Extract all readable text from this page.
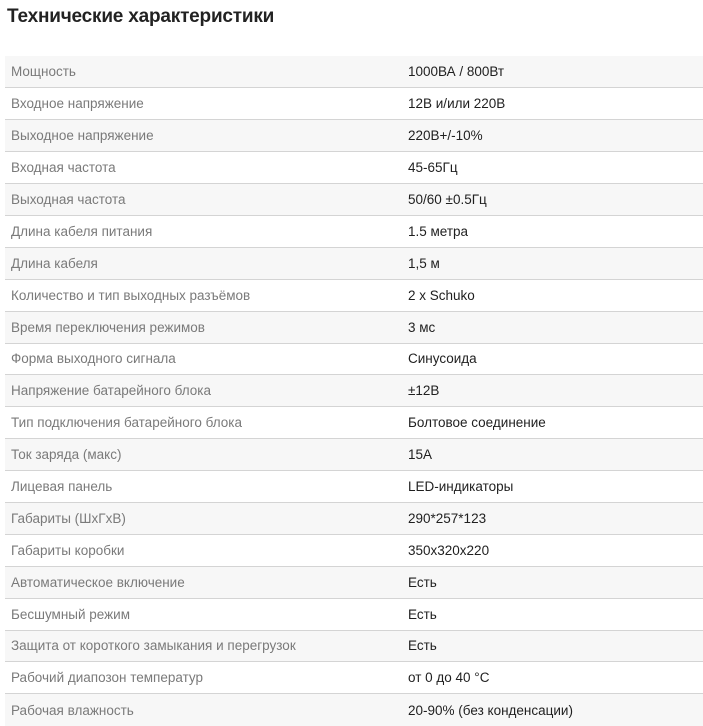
Технические характеристики
Мощность	1000ВА / 800Вт
Входное напряжение	12В и/или 220В
Выходное напряжение	220В+/-10%
Входная частота	45-65Гц
Выходная частота	50/60 ±0.5Гц
Длина кабеля питания	1.5 метра
Длина кабеля	1,5 м
Количество и тип выходных разъёмов	2 x Schuko
Время переключения режимов	3 мс
Форма выходного сигнала	Синусоида
Напряжение батарейного блока	±12В
Тип подключения батарейного блока	Болтовое соединение
Ток заряда (макс)	15А
Лицевая панель	LED-индикаторы
Габариты (ШхГхВ)	290*257*123
Габариты коробки	350x320x220
Автоматическое включение	Есть
Бесшумный режим	Есть
Защита от короткого замыкания и перегрузок	Есть
Рабочий диапозон температур	от 0 до 40 °C
Рабочая влажность	20-90% (без конденсации)
